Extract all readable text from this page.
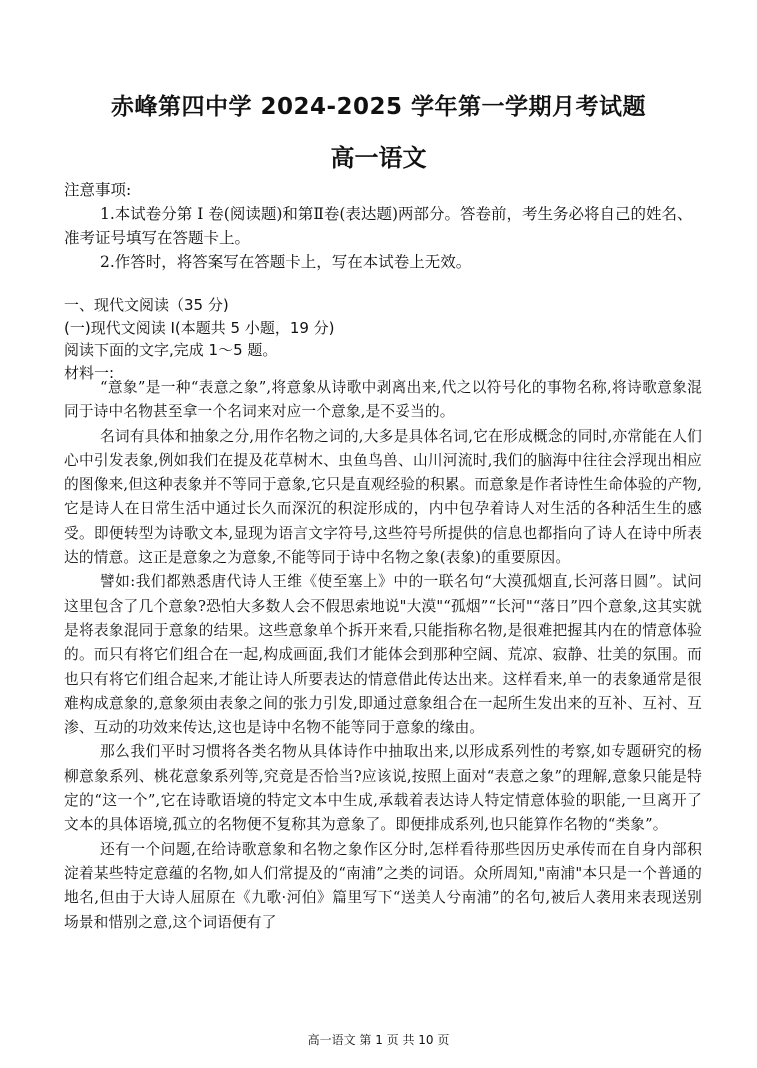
赤峰第四中学 2024-2025 学年第一学期月考试题
高一语文

注意事项:

1.本试卷分第 I 卷(阅读题)和第Ⅱ卷(表达题)两部分。答卷前，考生务必将自己的姓名、准考证号填写在答题卡上。

2.作答时，将答案写在答题卡上，写在本试卷上无效。

一、现代文阅读（35 分)

(一)现代文阅读 I(本题共 5 小题，19 分)

阅读下面的文字,完成 1～5 题。

材料一:

“意象”是一种“表意之象”,将意象从诗歌中剥离出来,代之以符号化的事物名称,将诗歌意象混同于诗中名物甚至拿一个名词来对应一个意象,是不妥当的。

名词有具体和抽象之分,用作名物之词的,大多是具体名词,它在形成概念的同时,亦常能在人们心中引发表象,例如我们在提及花草树木、虫鱼鸟兽、山川河流时,我们的脑海中往往会浮现出相应的图像来,但这种表象并不等同于意象,它只是直观经验的积累。而意象是作者诗性生命体验的产物,它是诗人在日常生活中通过长久而深沉的积淀形成的，内中包孕着诗人对生活的各种活生生的感受。即便转型为诗歌文本,显现为语言文字符号,这些符号所提供的信息也都指向了诗人在诗中所表达的情意。这正是意象之为意象,不能等同于诗中名物之象(表象)的重要原因。

譬如:我们都熟悉唐代诗人王维《使至塞上》中的一联名句“大漠孤烟直,长河落日圆”。试问这里包含了几个意象?恐怕大多数人会不假思索地说"大漠"“孤烟”“长河"“落日”四个意象,这其实就是将表象混同于意象的结果。这些意象单个拆开来看,只能指称名物,是很难把握其内在的情意体验的。而只有将它们组合在一起,构成画面,我们才能体会到那种空阔、荒凉、寂静、壮美的氛围。而也只有将它们组合起来,才能让诗人所要表达的情意借此传达出来。这样看来,单一的表象通常是很难构成意象的,意象须由表象之间的张力引发,即通过意象组合在一起所生发出来的互补、互衬、互渗、互动的功效来传达,这也是诗中名物不能等同于意象的缘由。

那么我们平时习惯将各类名物从具体诗作中抽取出来,以形成系列性的考察,如专题研究的杨柳意象系列、桃花意象系列等,究竟是否恰当?应该说,按照上面对“表意之象”的理解,意象只能是特定的“这一个”,它在诗歌语境的特定文本中生成,承载着表达诗人特定情意体验的职能,一旦离开了文本的具体语境,孤立的名物便不复称其为意象了。即便排成系列,也只能算作名物的“类象”。

还有一个问题,在给诗歌意象和名物之象作区分时,怎样看待那些因历史承传而在自身内部积淀着某些特定意蕴的名物,如人们常提及的“南浦”之类的词语。众所周知,"南浦"本只是一个普通的地名,但由于大诗人屈原在《九歌·河伯》篇里写下“送美人兮南浦”的名句,被后人袭用来表现送别场景和惜别之意,这个词语便有了

高一语文 第 1 页 共 10 页
